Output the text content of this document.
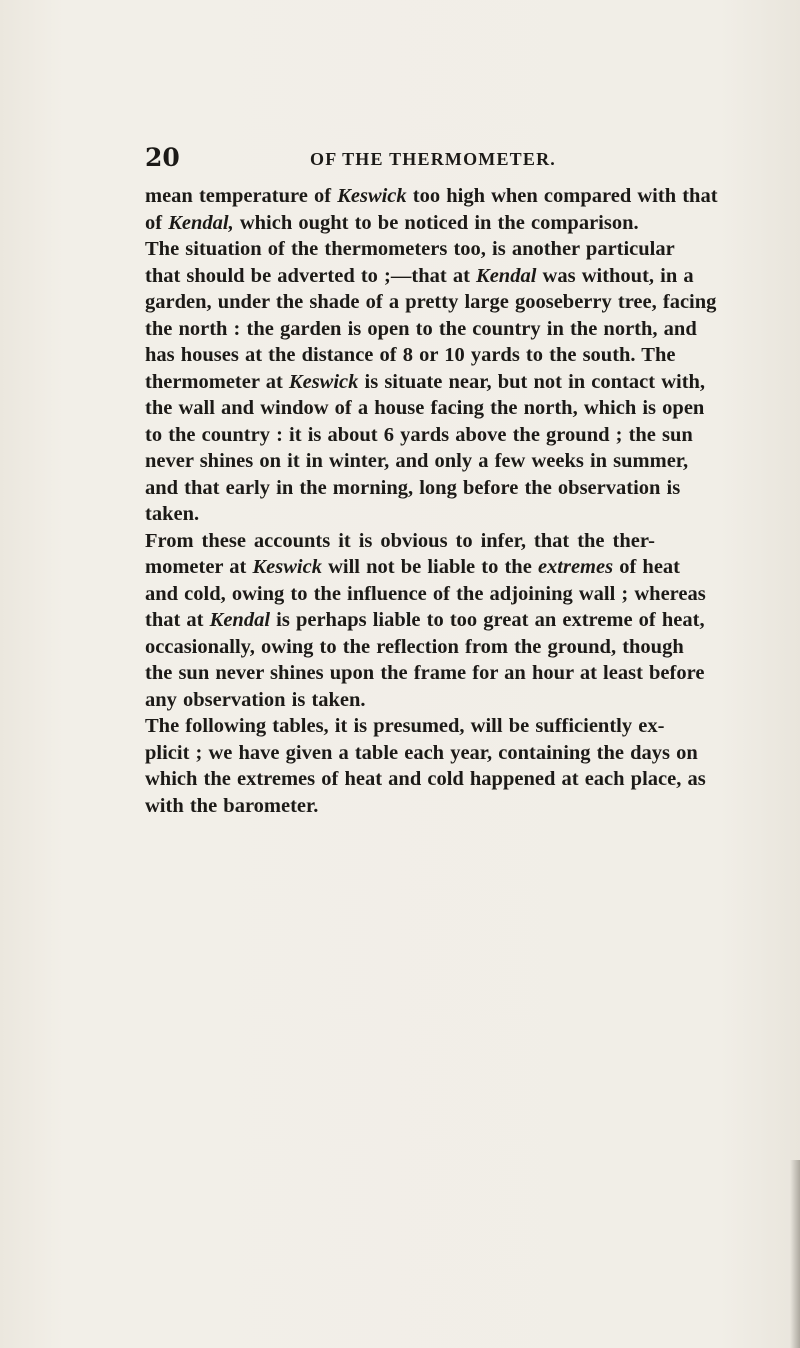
20	OF THE THERMOMETER.
mean temperature of Keswick too high when compared with that
of Kendal, which ought to be noticed in the comparison.
The situation of the thermometers too, is another particular
that should be adverted to ;—that at Kendal was without, in a
garden, under the shade of a pretty large gooseberry tree, facing
the north : the garden is open to the country in the north, and
has houses at the distance of 8 or 10 yards to the south. The
thermometer at Keswick is situate near, but not in contact with,
the wall and window of a house facing the north, which is open
to the country : it is about 6 yards above the ground ; the sun
never shines on it in winter, and only a few weeks in summer,
and that early in the morning, long before the observation is
taken.
From these accounts it is obvious to infer, that the ther-
mometer at Keswick will not be liable to the extremes of heat
and cold, owing to the influence of the adjoining wall ; whereas
that at Kendal is perhaps liable to too great an extreme of heat,
occasionally, owing to the reflection from the ground, though
the sun never shines upon the frame for an hour at least before
any observation is taken.
The following tables, it is presumed, will be sufficiently ex-
plicit ; we have given a table each year, containing the days on
which the extremes of heat and cold happened at each place, as
with the barometer.
